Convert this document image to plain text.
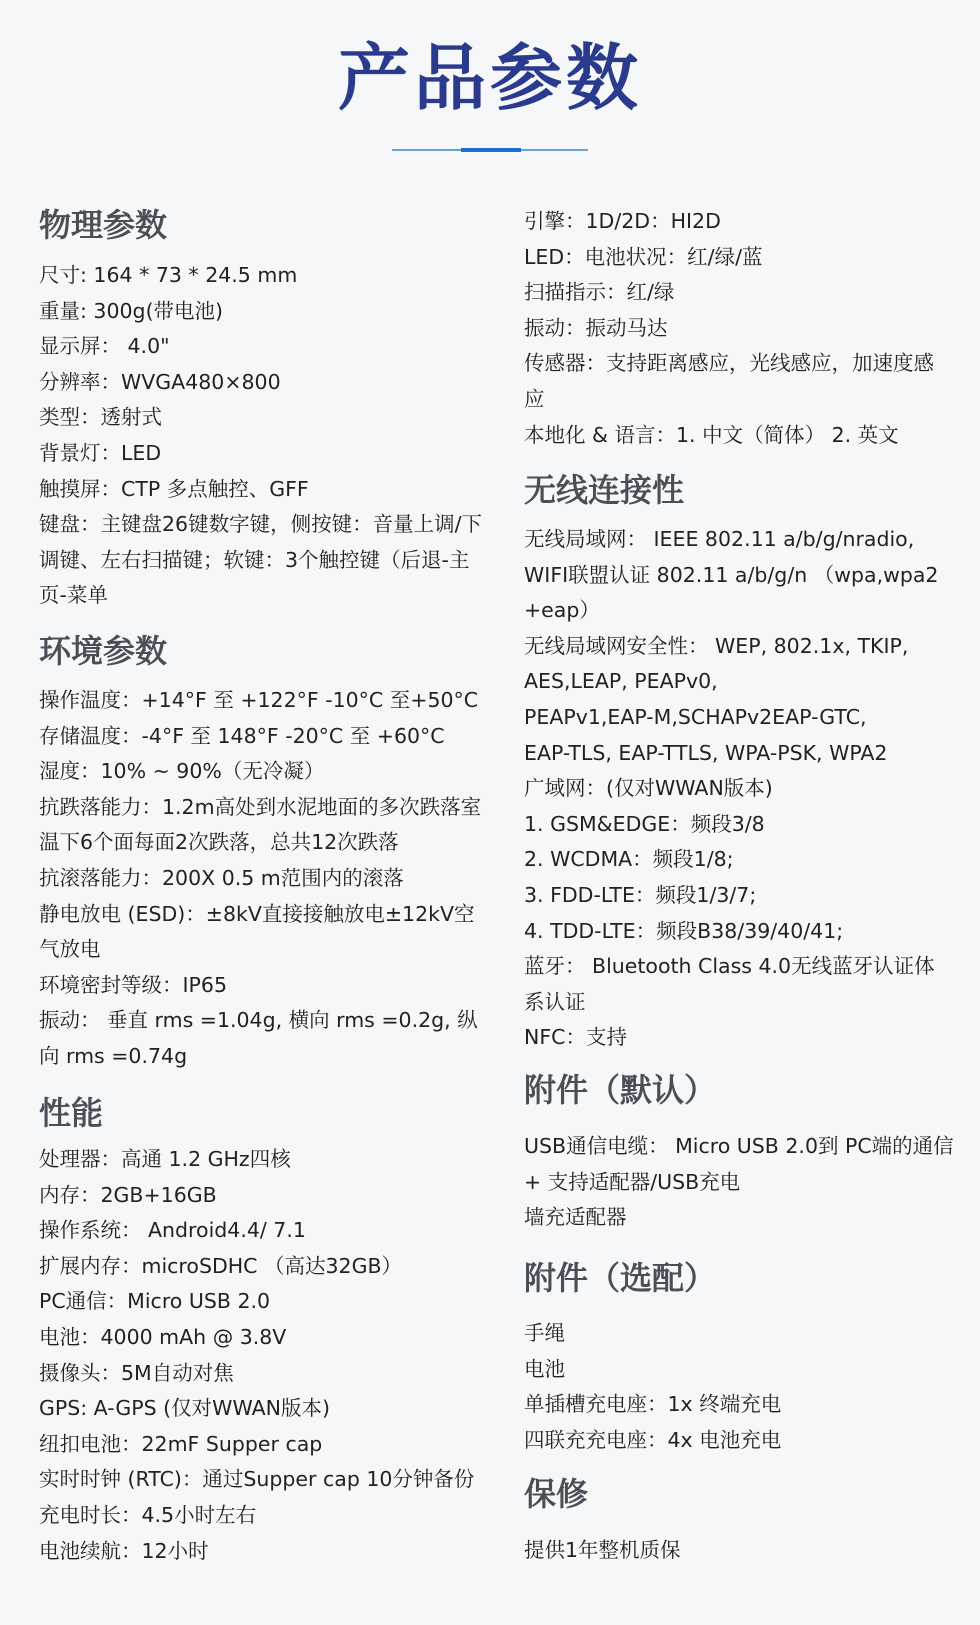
产品参数
物理参数
尺寸: 164 * 73 * 24.5 mm
重量: 300g(带电池)
显示屏： 4.0"
分辨率：WVGA480×800
类型：透射式
背景灯：LED
触摸屏：CTP 多点触控、GFF
键盘：主键盘26键数字键，侧按键：音量上调/下调键、左右扫描键；软键：3个触控键（后退-主页-菜单
环境参数
操作温度：+14°F 至 +122°F -10°C 至+50°C
存储温度：-4°F 至 148°F -20°C 至 +60°C
湿度：10% ~ 90%（无冷凝）
抗跌落能力：1.2m高处到水泥地面的多次跌落室温下6个面每面2次跌落，总共12次跌落
抗滚落能力：200X 0.5 m范围内的滚落
静电放电 (ESD)：±8kV直接接触放电±12kV空气放电
环境密封等级：IP65
振动： 垂直 rms =1.04g, 横向 rms =0.2g, 纵向 rms =0.74g
性能
处理器：高通 1.2 GHz四核
内存：2GB+16GB
操作系统： Android4.4/ 7.1
扩展内存：microSDHC （高达32GB）
PC通信：Micro USB 2.0
电池：4000 mAh @ 3.8V
摄像头：5M自动对焦
GPS: A-GPS (仅对WWAN版本)
纽扣电池：22mF Supper cap
实时时钟 (RTC)：通过Supper cap 10分钟备份
充电时长：4.5小时左右
电池续航：12小时
引擎：1D/2D：HI2D
LED：电池状况：红/绿/蓝
扫描指示：红/绿
振动：振动马达
传感器：支持距离感应，光线感应，加速度感应
本地化 & 语言：1. 中文（简体） 2. 英文
无线连接性
无线局域网： IEEE 802.11 a/b/g/nradio, WIFI联盟认证 802.11 a/b/g/n （wpa,wpa2 +eap）
无线局域网安全性： WEP, 802.1x, TKIP, AES,LEAP, PEAPv0,
PEAPv1,EAP-M,SCHAPv2EAP-GTC,
EAP-TLS, EAP-TTLS, WPA-PSK, WPA2
广域网：(仅对WWAN版本)
1. GSM&EDGE：频段3/8
2. WCDMA：频段1/8;
3. FDD-LTE：频段1/3/7;
4. TDD-LTE：频段B38/39/40/41;
蓝牙： Bluetooth Class 4.0无线蓝牙认证体系认证
NFC：支持
附件（默认）
USB通信电缆： Micro USB 2.0到 PC端的通信 + 支持适配器/USB充电
墙充适配器
附件（选配）
手绳
电池
单插槽充电座：1x 终端充电
四联充充电座：4x 电池充电
保修
提供1年整机质保
